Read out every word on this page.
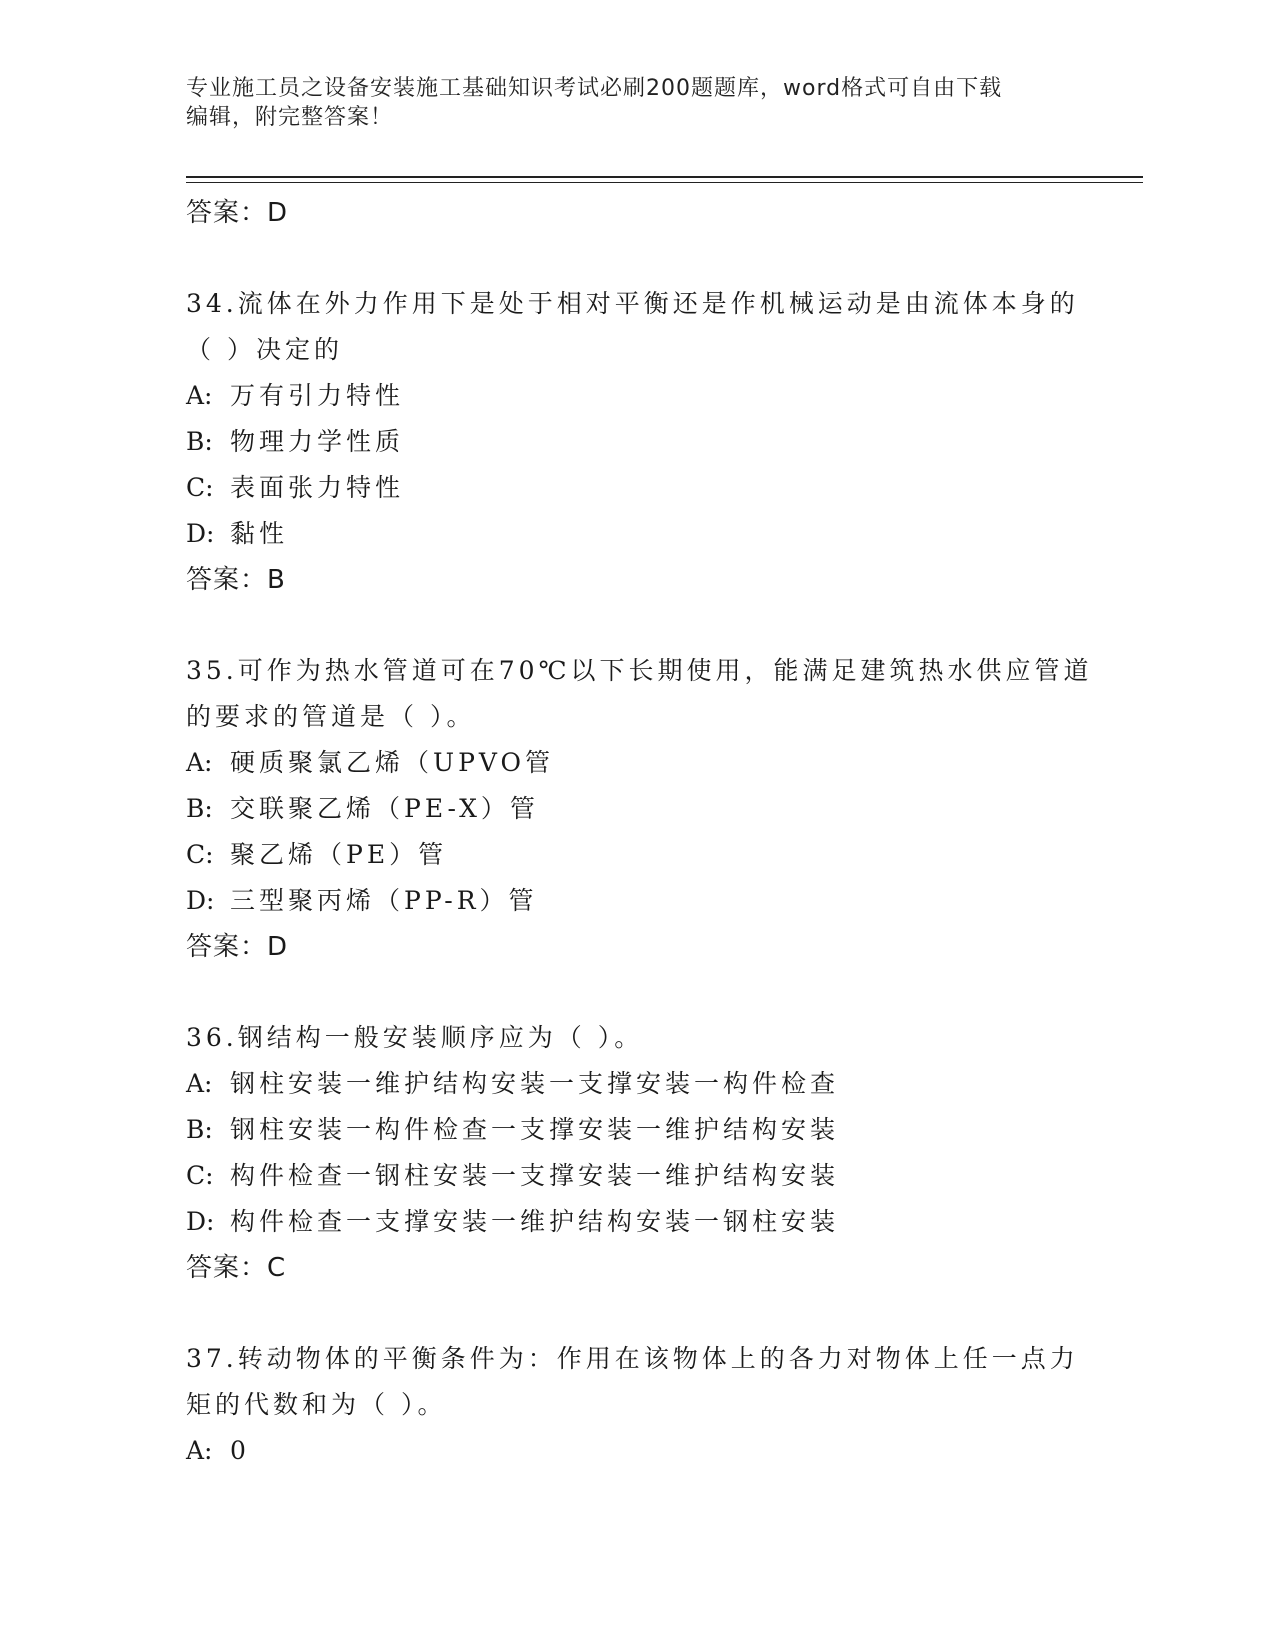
专业施工员之设备安装施工基础知识考试必刷200题题库，word格式可自由下载
编辑，附完整答案！
答案：D
34.流体在外力作用下是处于相对平衡还是作机械运动是由流体本身的
（ ）决定的
A: 万有引力特性
B: 物理力学性质
C: 表面张力特性
D: 黏性
答案：B
35.可作为热水管道可在70℃以下长期使用，能满足建筑热水供应管道
的要求的管道是（ ）。
A: 硬质聚氯乙烯（UPVO管
B: 交联聚乙烯（PE-X）管
C: 聚乙烯（PE）管
D: 三型聚丙烯（PP-R）管
答案：D
36.钢结构一般安装顺序应为（ ）。
A: 钢柱安装一维护结构安装一支撑安装一构件检查
B: 钢柱安装一构件检查一支撑安装一维护结构安装
C: 构件检查一钢柱安装一支撑安装一维护结构安装
D: 构件检查一支撑安装一维护结构安装一钢柱安装
答案：C
37.转动物体的平衡条件为：作用在该物体上的各力对物体上任一点力
矩的代数和为（ ）。
A: 0
